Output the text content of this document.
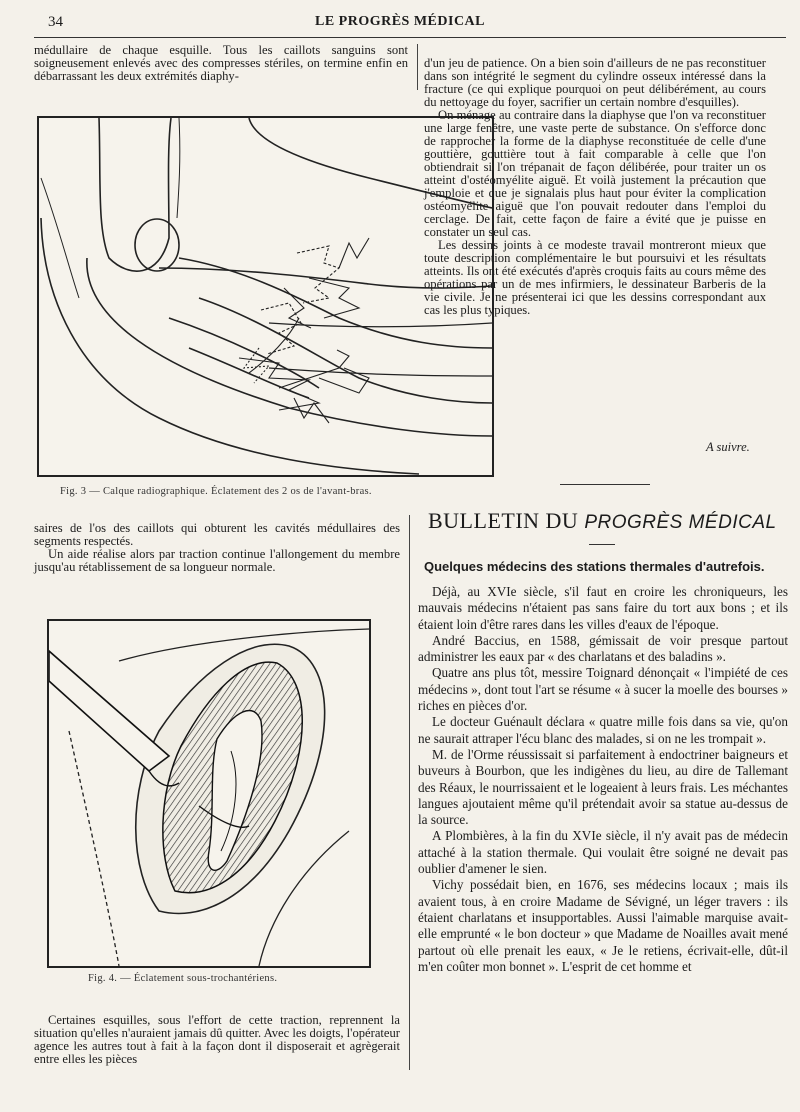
34	LE PROGRÈS MÉDICAL

médullaire de chaque esquille. Tous les caillots sanguins sont soigneusement enlevés avec des compresses stériles, on termine enfin en débarrassant les deux extrémités diaphy-

Fig. 3 — Calque radiographique. Éclatement des 2 os de l'avant-bras.

saires de l'os des caillots qui obturent les cavités médullaires des segments respectés.

Un aide réalise alors par traction continue l'allongement du membre jusqu'au rétablissement de sa longueur normale.

Fig. 4. — Éclatement sous-trochantériens.

Certaines esquilles, sous l'effort de cette traction, reprennent la situation qu'elles n'auraient jamais dû quitter. Avec les doigts, l'opérateur agence les autres tout à fait à la façon dont il disposerait et agrègerait entre elles les pièces

d'un jeu de patience. On a bien soin d'ailleurs de ne pas reconstituer dans son intégrité le segment du cylindre osseux intéressé dans la fracture (ce qui explique pourquoi on peut délibérément, au cours du nettoyage du foyer, sacrifier un certain nombre d'esquilles).

On ménage au contraire dans la diaphyse que l'on va reconstituer une large fenêtre, une vaste perte de substance. On s'efforce donc de rapprocher la forme de la diaphyse reconstituée de celle d'une gouttière, gouttière tout à fait comparable à celle que l'on obtiendrait si l'on trépanait de façon délibérée, pour traiter un os atteint d'ostéomyélite aiguë. Et voilà justement la précaution que j'emploie et que je signalais plus haut pour éviter la complication ostéomyélite aiguë que l'on pouvait redouter dans l'emploi du cerclage. De fait, cette façon de faire a évité que je puisse en constater un seul cas.

Les dessins joints à ce modeste travail montreront mieux que toute description complémentaire le but poursuivi et les résultats atteints. Ils ont été exécutés d'après croquis faits au cours même des opérations par un de mes infirmiers, le dessinateur Barberis de la vie civile. Je ne présenterai ici que les dessins correspondant aux cas les plus typiques.

A suivre.
BULLETIN DU PROGRÈS MÉDICAL
Quelques médecins des stations thermales d'autrefois.

Déjà, au XVIe siècle, s'il faut en croire les chroniqueurs, les mauvais médecins n'étaient pas sans faire du tort aux bons ; et ils étaient loin d'être rares dans les villes d'eaux de l'époque.

André Baccius, en 1588, gémissait de voir presque partout administrer les eaux par « des charlatans et des baladins ».

Quatre ans plus tôt, messire Toignard dénonçait « l'impiété de ces médecins », dont tout l'art se résume « à sucer la moelle des bourses » riches en pièces d'or.

Le docteur Guénault déclara « quatre mille fois dans sa vie, qu'on ne saurait attraper l'écu blanc des malades, si on ne les trompait ».

M. de l'Orme réussissait si parfaitement à endoctriner baigneurs et buveurs à Bourbon, que les indigènes du lieu, au dire de Tallemant des Réaux, le nourrissaient et le logeaient à leurs frais. Les méchantes langues ajoutaient même qu'il prétendait avoir sa statue au-dessus de la source.

A Plombières, à la fin du XVIe siècle, il n'y avait pas de médecin attaché à la station thermale. Qui voulait être soigné ne devait pas oublier d'amener le sien.

Vichy possédait bien, en 1676, ses médecins locaux ; mais ils avaient tous, à en croire Madame de Sévigné, un léger travers : ils étaient charlatans et insupportables. Aussi l'aimable marquise avait-elle emprunté « le bon docteur » que Madame de Noailles avait mené partout où elle prenait les eaux, « Je le retiens, écrivait-elle, dût-il m'en coûter mon bonnet ». L'esprit de cet homme et
